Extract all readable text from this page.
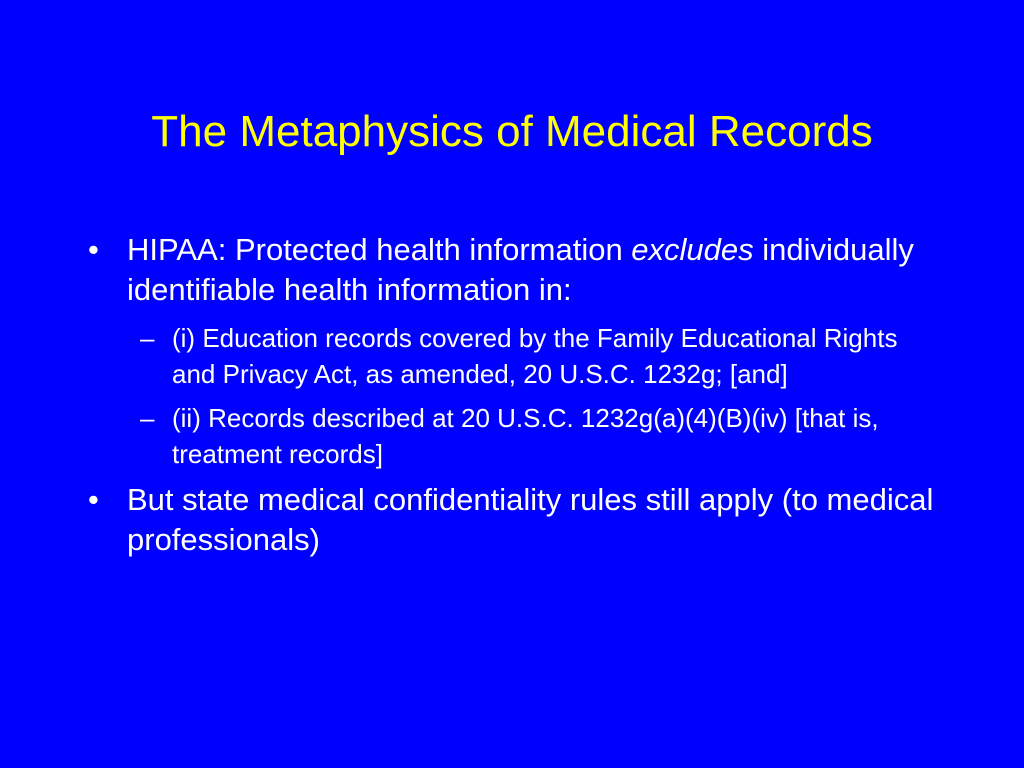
The Metaphysics of Medical Records
• HIPAA: Protected health information excludes individually identifiable health information in:
– (i) Education records covered by the Family Educational Rights and Privacy Act, as amended, 20 U.S.C. 1232g; [and]
– (ii) Records described at 20 U.S.C. 1232g(a)(4)(B)(iv) [that is, treatment records]
• But state medical confidentiality rules still apply (to medical professionals)
